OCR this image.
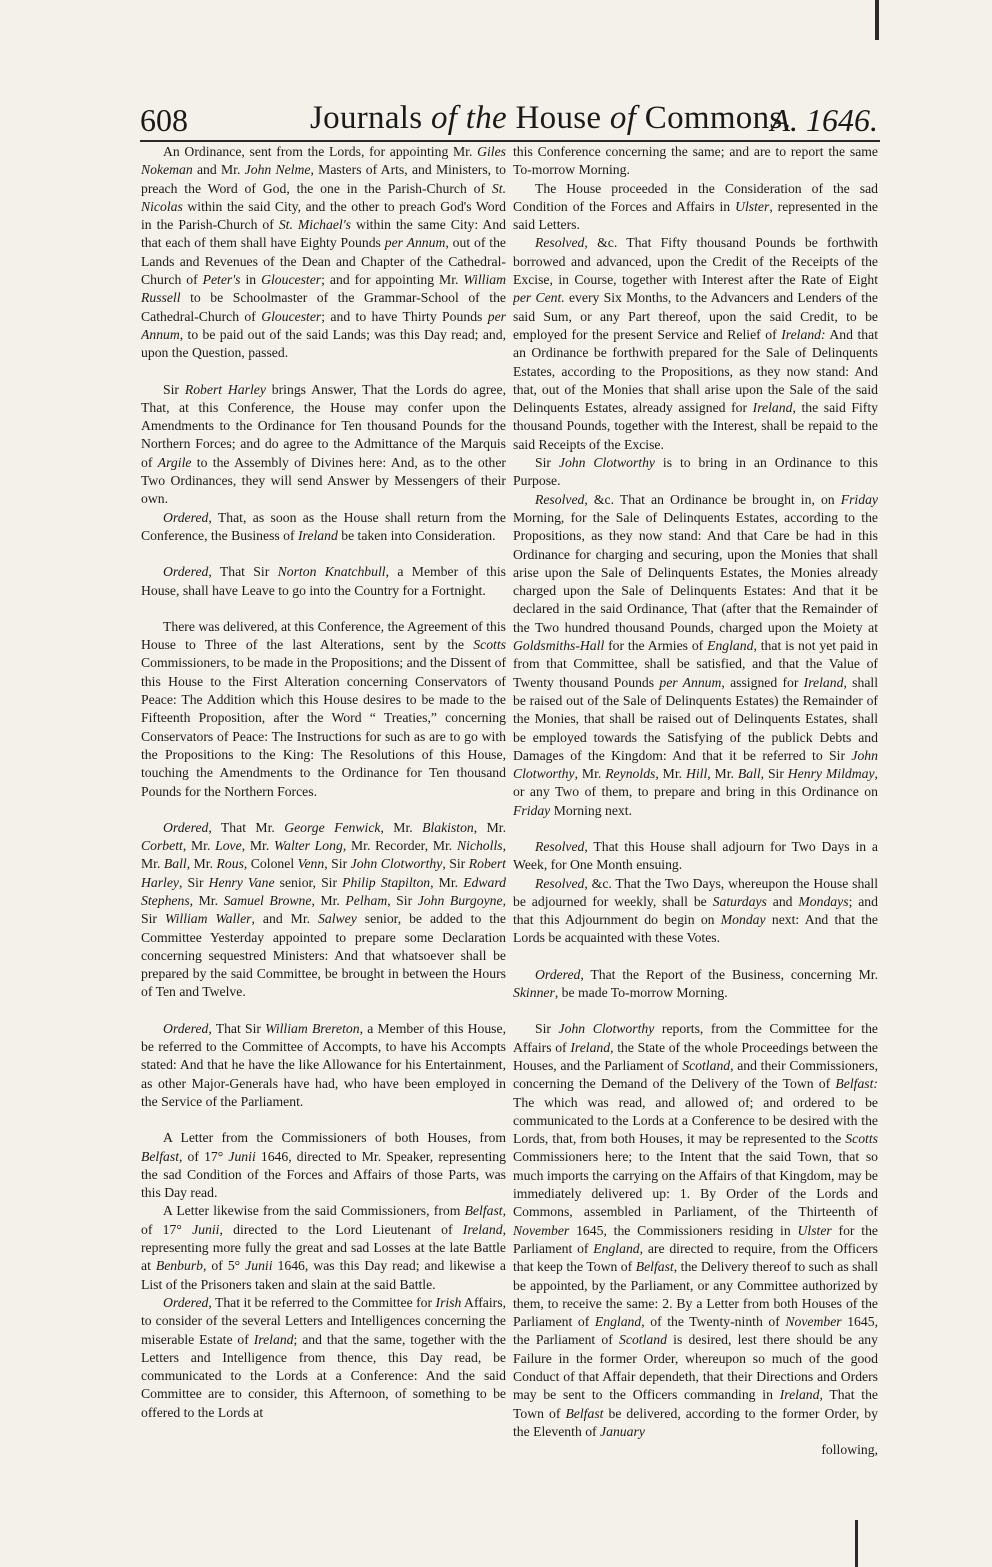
608	Journals of the House of Commons.
A. 1646.

An Ordinance, sent from the Lords, for appointing Mr. Giles Nokeman and Mr. John Nelme, Masters of Arts, and Ministers, to preach the Word of God, the one in the Parish-Church of St. Nicolas within the said City, and the other to preach God's Word in the Parish-Church of St. Michael's within the same City: And that each of them shall have Eighty Pounds per Annum, out of the Lands and Revenues of the Dean and Chapter of the Cathedral-Church of Peter's in Gloucester; and for appointing Mr. William Russell to be Schoolmaster of the Grammar-School of the Cathedral-Church of Gloucester; and to have Thirty Pounds per Annum, to be paid out of the said Lands; was this Day read; and, upon the Question, passed.

Sir Robert Harley brings Answer, That the Lords do agree, That, at this Conference, the House may confer upon the Amendments to the Ordinance for Ten thousand Pounds for the Northern Forces; and do agree to the Admittance of the Marquis of Argile to the Assembly of Divines here: And, as to the other Two Ordinances, they will send Answer by Messengers of their own.

Ordered, That, as soon as the House shall return from the Conference, the Business of Ireland be taken into Consideration.

Ordered, That Sir Norton Knatchbull, a Member of this House, shall have Leave to go into the Country for a Fortnight.

There was delivered, at this Conference, the Agreement of this House to Three of the last Alterations, sent by the Scotts Commissioners, to be made in the Propositions; and the Dissent of this House to the First Alteration concerning Conservators of Peace: The Addition which this House desires to be made to the Fifteenth Proposition, after the Word “ Treaties,” concerning Conservators of Peace: The Instructions for such as are to go with the Propositions to the King: The Resolutions of this House, touching the Amendments to the Ordinance for Ten thousand Pounds for the Northern Forces.

Ordered, That Mr. George Fenwick, Mr. Blakiston, Mr. Corbett, Mr. Love, Mr. Walter Long, Mr. Recorder, Mr. Nicholls, Mr. Ball, Mr. Rous, Colonel Venn, Sir John Clotworthy, Sir Robert Harley, Sir Henry Vane senior, Sir Philip Stapilton, Mr. Edward Stephens, Mr. Samuel Browne, Mr. Pelham, Sir John Burgoyne, Sir William Waller, and Mr. Salwey senior, be added to the Committee Yesterday appointed to prepare some Declaration concerning sequestred Ministers: And that whatsoever shall be prepared by the said Committee, be brought in between the Hours of Ten and Twelve.

Ordered, That Sir William Brereton, a Member of this House, be referred to the Committee of Accompts, to have his Accompts stated: And that he have the like Allowance for his Entertainment, as other Major-Generals have had, who have been employed in the Service of the Parliament.

A Letter from the Commissioners of both Houses, from Belfast, of 17° Junii 1646, directed to Mr. Speaker, representing the sad Condition of the Forces and Affairs of those Parts, was this Day read.

A Letter likewise from the said Commissioners, from Belfast, of 17° Junii, directed to the Lord Lieutenant of Ireland, representing more fully the great and sad Losses at the late Battle at Benburb, of 5° Junii 1646, was this Day read; and likewise a List of the Prisoners taken and slain at the said Battle.

Ordered, That it be referred to the Committee for Irish Affairs, to consider of the several Letters and Intelligences concerning the miserable Estate of Ireland; and that the same, together with the Letters and Intelligence from thence, this Day read, be communicated to the Lords at a Conference: And the said Committee are to consider, this Afternoon, of something to be offered to the Lords at

this Conference concerning the same; and are to report the same To-morrow Morning.

The House proceeded in the Consideration of the sad Condition of the Forces and Affairs in Ulster, represented in the said Letters.

Resolved, &c. That Fifty thousand Pounds be forthwith borrowed and advanced, upon the Credit of the Receipts of the Excise, in Course, together with Interest after the Rate of Eight per Cent. every Six Months, to the Advancers and Lenders of the said Sum, or any Part thereof, upon the said Credit, to be employed for the present Service and Relief of Ireland: And that an Ordinance be forthwith prepared for the Sale of Delinquents Estates, according to the Propositions, as they now stand: And that, out of the Monies that shall arise upon the Sale of the said Delinquents Estates, already assigned for Ireland, the said Fifty thousand Pounds, together with the Interest, shall be repaid to the said Receipts of the Excise.

Sir John Clotworthy is to bring in an Ordinance to this Purpose.

Resolved, &c. That an Ordinance be brought in, on Friday Morning, for the Sale of Delinquents Estates, according to the Propositions, as they now stand: And that Care be had in this Ordinance for charging and securing, upon the Monies that shall arise upon the Sale of Delinquents Estates, the Monies already charged upon the Sale of Delinquents Estates: And that it be declared in the said Ordinance, That (after that the Remainder of the Two hundred thousand Pounds, charged upon the Moiety at Goldsmiths-Hall for the Armies of England, that is not yet paid in from that Committee, shall be satisfied, and that the Value of Twenty thousand Pounds per Annum, assigned for Ireland, shall be raised out of the Sale of Delinquents Estates) the Remainder of the Monies, that shall be raised out of Delinquents Estates, shall be employed towards the Satisfying of the publick Debts and Damages of the Kingdom: And that it be referred to Sir John Clotworthy, Mr. Reynolds, Mr. Hill, Mr. Ball, Sir Henry Mildmay, or any Two of them, to prepare and bring in this Ordinance on Friday Morning next.

Resolved, That this House shall adjourn for Two Days in a Week, for One Month ensuing.

Resolved, &c. That the Two Days, whereupon the House shall be adjourned for weekly, shall be Saturdays and Mondays; and that this Adjournment do begin on Monday next: And that the Lords be acquainted with these Votes.

Ordered, That the Report of the Business, concerning Mr. Skinner, be made To-morrow Morning.

Sir John Clotworthy reports, from the Committee for the Affairs of Ireland, the State of the whole Proceedings between the Houses, and the Parliament of Scotland, and their Commissioners, concerning the Demand of the Delivery of the Town of Belfast: The which was read, and allowed of; and ordered to be communicated to the Lords at a Conference to be desired with the Lords, that, from both Houses, it may be represented to the Scotts Commissioners here; to the Intent that the said Town, that so much imports the carrying on the Affairs of that Kingdom, may be immediately delivered up: 1. By Order of the Lords and Commons, assembled in Parliament, of the Thirteenth of November 1645, the Commissioners residing in Ulster for the Parliament of England, are directed to require, from the Officers that keep the Town of Belfast, the Delivery thereof to such as shall be appointed, by the Parliament, or any Committee authorized by them, to receive the same: 2. By a Letter from both Houses of the Parliament of England, of the Twenty-ninth of November 1645, the Parliament of Scotland is desired, lest there should be any Failure in the former Order, whereupon so much of the good Conduct of that Affair dependeth, that their Directions and Orders may be sent to the Officers commanding in Ireland, That the Town of Belfast be delivered, according to the former Order, by the Eleventh of January

following,
